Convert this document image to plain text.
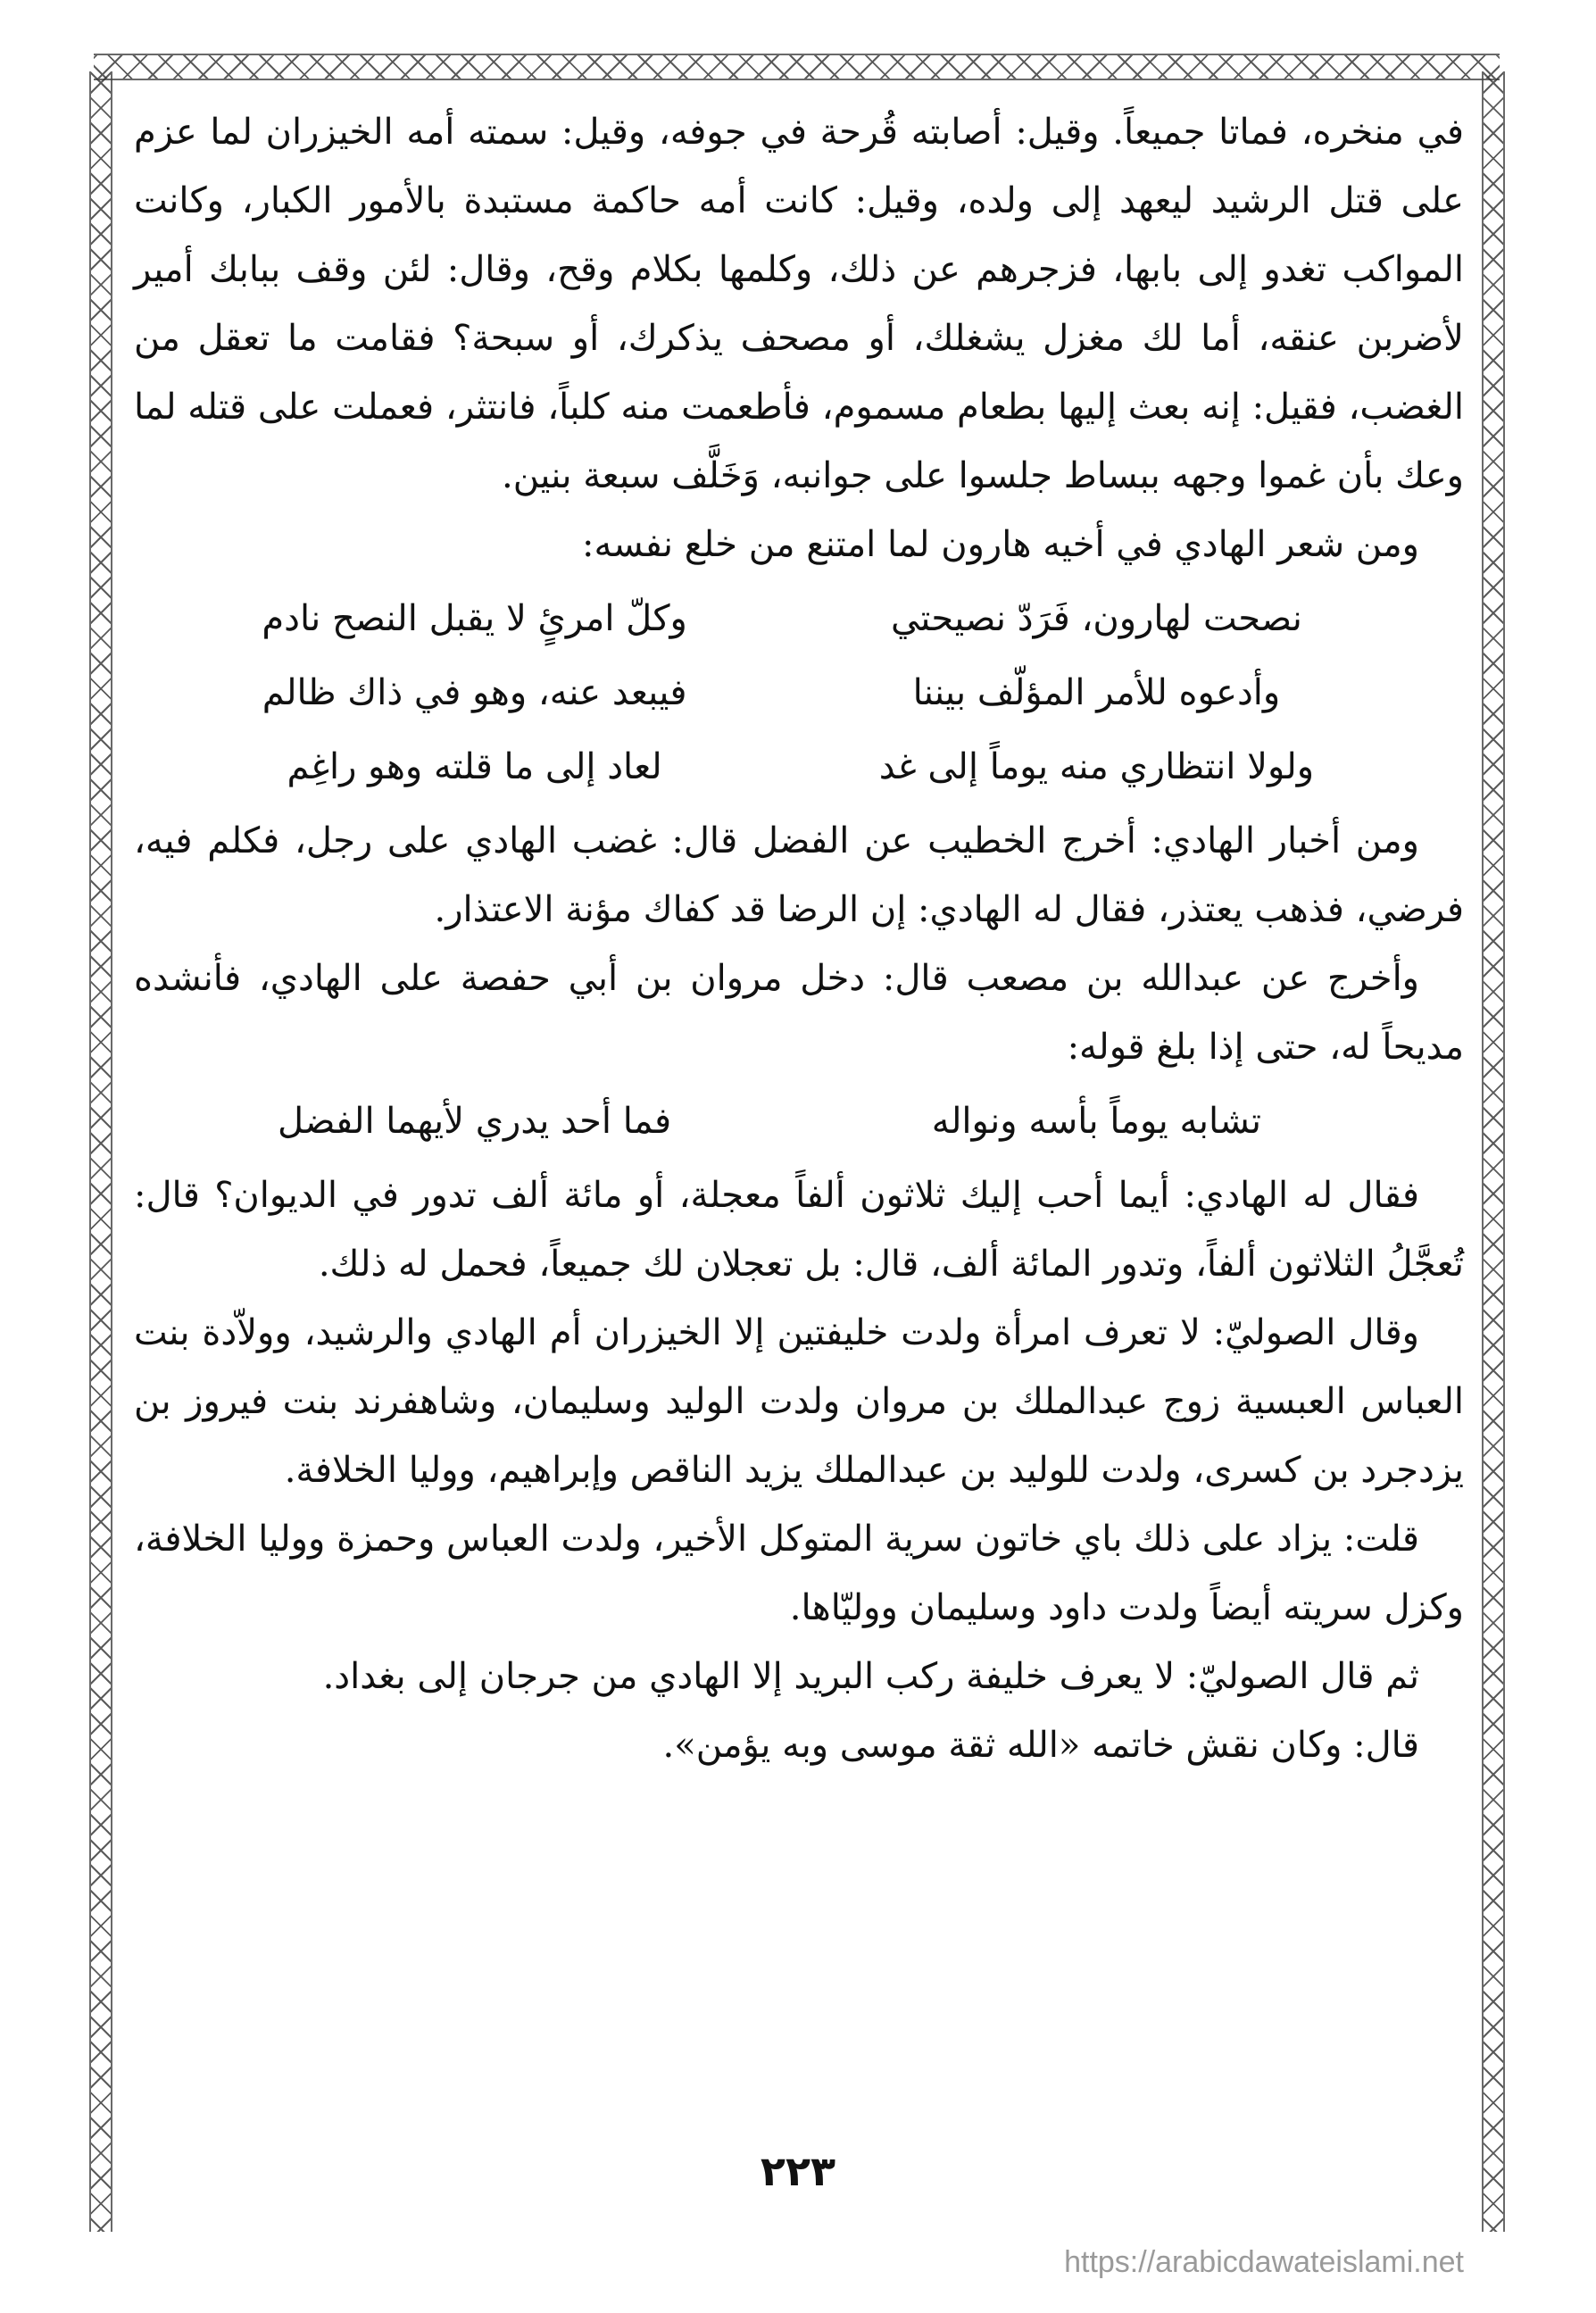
في منخره، فماتا جميعاً. وقيل: أصابته قُرحة في جوفه، وقيل: سمته أمه الخيزران لما عزم على قتل الرشيد ليعهد إلى ولده، وقيل: كانت أمه حاكمة مستبدة بالأمور الكبار، وكانت المواكب تغدو إلى بابها، فزجرهم عن ذلك، وكلمها بكلام وقح، وقال: لئن وقف ببابك أمير لأضربن عنقه، أما لك مغزل يشغلك، أو مصحف يذكرك، أو سبحة؟ فقامت ما تعقل من الغضب، فقيل: إنه بعث إليها بطعام مسموم، فأطعمت منه كلباً، فانتثر، فعملت على قتله لما وعك بأن غموا وجهه ببساط جلسوا على جوانبه، وَخَلَّف سبعة بنين.

ومن شعر الهادي في أخيه هارون لما امتنع من خلع نفسه:

نصحت لهارون، فَرَدّ نصيحتي
وكلّ امرئٍ لا يقبل النصح نادم
وأدعوه للأمر المؤلّف بيننا
فيبعد عنه، وهو في ذاك ظالم
ولولا انتظاري منه يوماً إلى غد
لعاد إلى ما قلته وهو راغِم

ومن أخبار الهادي: أخرج الخطيب عن الفضل قال: غضب الهادي على رجل، فكلم فيه، فرضي، فذهب يعتذر، فقال له الهادي: إن الرضا قد كفاك مؤنة الاعتذار.

وأخرج عن عبدالله بن مصعب قال: دخل مروان بن أبي حفصة على الهادي، فأنشده مديحاً له، حتى إذا بلغ قوله:

تشابه يوماً بأسه ونواله
فما أحد يدري لأيهما الفضل

فقال له الهادي: أيما أحب إليك ثلاثون ألفاً معجلة، أو مائة ألف تدور في الديوان؟ قال: تُعجَّلُ الثلاثون ألفاً، وتدور المائة ألف، قال: بل تعجلان لك جميعاً، فحمل له ذلك.

وقال الصوليّ: لا تعرف امرأة ولدت خليفتين إلا الخيزران أم الهادي والرشيد، وولاّدة بنت العباس العبسية زوج عبدالملك بن مروان ولدت الوليد وسليمان، وشاهفرند بنت فيروز بن يزدجرد بن كسرى، ولدت للوليد بن عبدالملك يزيد الناقص وإبراهيم، ووليا الخلافة.

قلت: يزاد على ذلك باي خاتون سرية المتوكل الأخير، ولدت العباس وحمزة ووليا الخلافة، وكزل سريته أيضاً ولدت داود وسليمان ووليّاها.

ثم قال الصوليّ: لا يعرف خليفة ركب البريد إلا الهادي من جرجان إلى بغداد.

قال: وكان نقش خاتمه «الله ثقة موسى وبه يؤمن».

٢٢٣
https://arabicdawateislami.net
